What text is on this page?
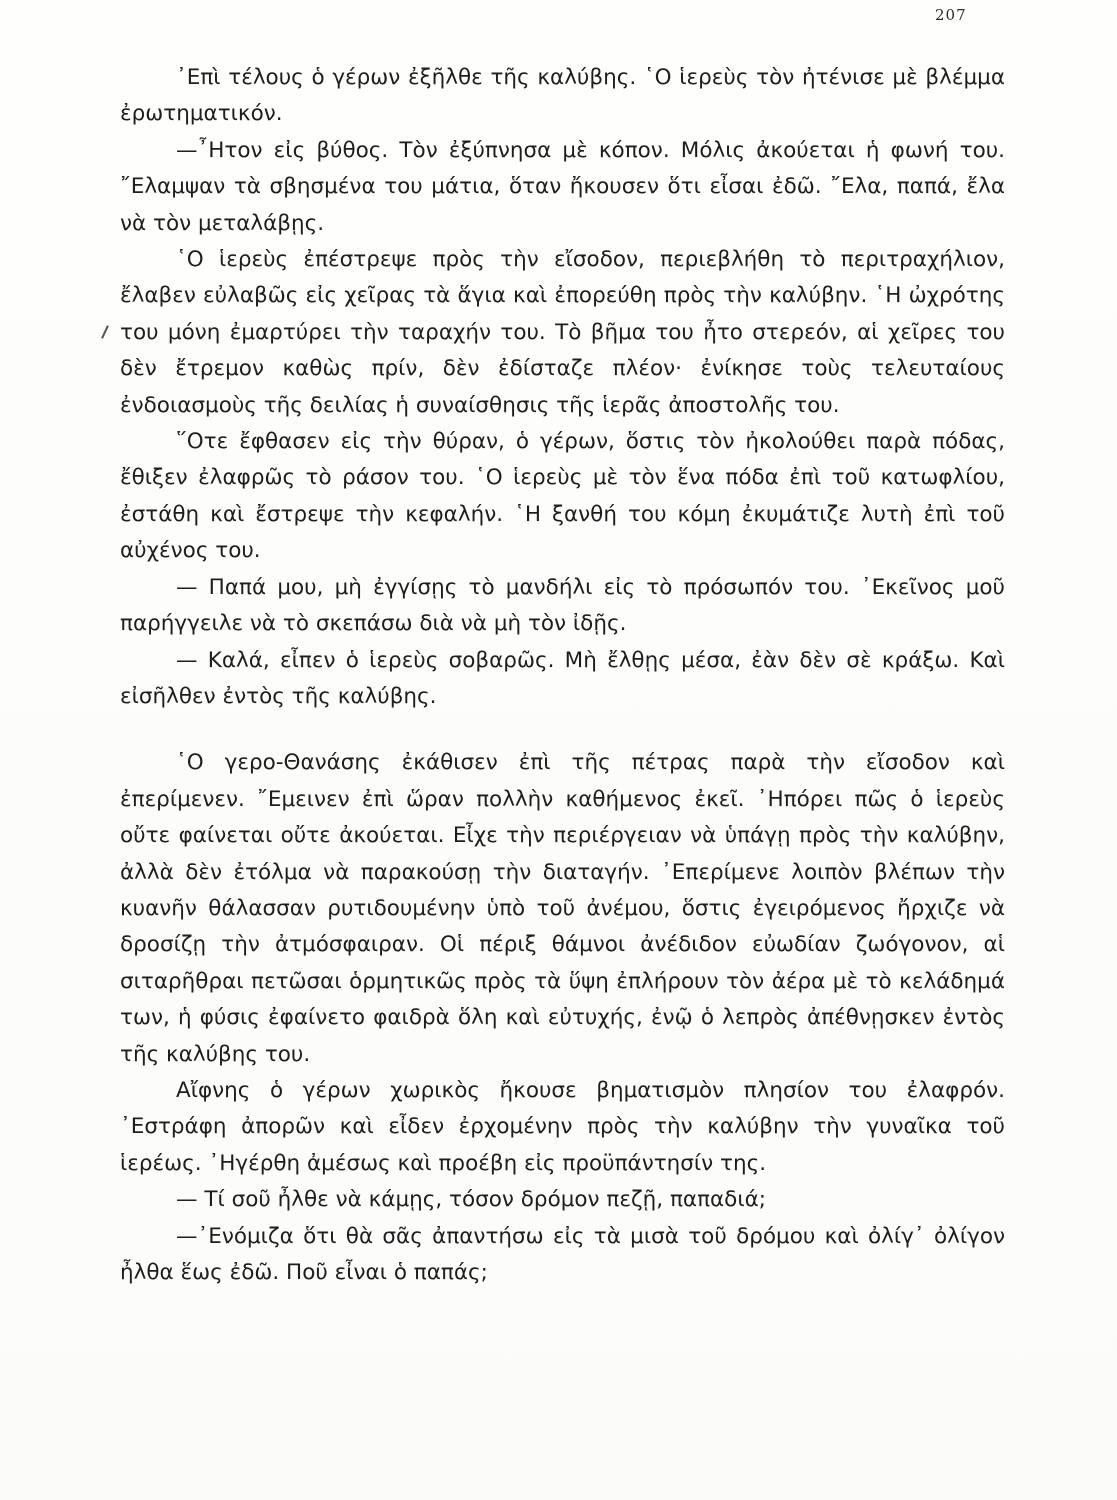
207

᾿Επὶ τέλους ὁ γέρων ἐξῆλθε τῆς καλύβης. ῾Ο ἱερεὺς τὸν ἠτένισε μὲ βλέμμα ἐρωτηματικόν.

—῏Ητον εἰς βύθος. Τὸν ἐξύπνησα μὲ κόπον. Μόλις ἀκούεται ἡ φωνή του. ῎Ελαμψαν τὰ σβησμένα του μάτια, ὅταν ἤκουσεν ὅτι εἶσαι ἐδῶ. ῎Ελα, παπά, ἔλα νὰ τὸν μεταλάβῃς.

῾Ο ἱερεὺς ἐπέστρεψε πρὸς τὴν εἴσοδον, περιεβλήθη τὸ περιτραχήλιον, ἔλαβεν εὐλαβῶς εἰς χεῖρας τὰ ἅγια καὶ ἐπορεύθη πρὸς τὴν καλύβην. ῾Η ὠχρότης του μόνη ἐμαρτύρει τὴν ταραχήν του. Τὸ βῆμα του ἦτο στερεόν, αἱ χεῖρες του δὲν ἔτρεμον καθὼς πρίν, δὲν ἐδίσταζε πλέον· ἐνίκησε τοὺς τελευταίους ἐνδοιασμοὺς τῆς δειλίας ἡ συναίσθησις τῆς ἱερᾶς ἀποστολῆς του.

῞Οτε ἔφθασεν εἰς τὴν θύραν, ὁ γέρων, ὅστις τὸν ἠκολούθει παρὰ πόδας, ἔθιξεν ἐλαφρῶς τὸ ράσον του. ῾Ο ἱερεὺς μὲ τὸν ἕνα πόδα ἐπὶ τοῦ κατωφλίου, ἐστάθη καὶ ἔστρεψε τὴν κεφαλήν. ῾Η ξανθή του κόμη ἐκυμάτιζε λυτὴ ἐπὶ τοῦ αὐχένος του.

— Παπά μου, μὴ ἐγγίσῃς τὸ μανδήλι εἰς τὸ πρόσωπόν του. ᾿Εκεῖνος μοῦ παρήγγειλε νὰ τὸ σκεπάσω διὰ νὰ μὴ τὸν ἰδῇς.

— Καλά, εἶπεν ὁ ἱερεὺς σοβαρῶς. Μὴ ἔλθῃς μέσα, ἐὰν δὲν σὲ κράξω. Καὶ εἰσῆλθεν ἐντὸς τῆς καλύβης.

῾Ο γερο-Θανάσης ἐκάθισεν ἐπὶ τῆς πέτρας παρὰ τὴν εἴσοδον καὶ ἐπερίμενεν. ῎Εμεινεν ἐπὶ ὥραν πολλὴν καθήμενος ἐκεῖ. ᾿Ηπόρει πῶς ὁ ἱερεὺς οὔτε φαίνεται οὔτε ἀκούεται. Εἶχε τὴν περιέργειαν νὰ ὑπάγῃ πρὸς τὴν καλύβην, ἀλλὰ δὲν ἐτόλμα νὰ παρακούσῃ τὴν διαταγήν. ᾿Επερίμενε λοιπὸν βλέπων τὴν κυανῆν θάλασσαν ρυτιδουμένην ὑπὸ τοῦ ἀνέμου, ὅστις ἐγειρόμενος ἤρχιζε νὰ δροσίζῃ τὴν ἀτμόσφαιραν. Οἱ πέριξ θάμνοι ἀνέδιδον εὐωδίαν ζωόγονον, αἱ σιταρῆθραι πετῶσαι ὁρμητικῶς πρὸς τὰ ὕψη ἐπλήρουν τὸν ἀέρα μὲ τὸ κελάδημά των, ἡ φύσις ἐφαίνετο φαιδρὰ ὅλη καὶ εὐτυχής, ἐνῷ ὁ λεπρὸς ἀπέθνῃσκεν ἐντὸς τῆς καλύβης του.

Αἴφνης ὁ γέρων χωρικὸς ἤκουσε βηματισμὸν πλησίον του ἐλαφρόν. ᾿Εστράφη ἀπορῶν καὶ εἶδεν ἐρχομένην πρὸς τὴν καλύβην τὴν γυναῖκα τοῦ ἱερέως. ᾿Ηγέρθη ἀμέσως καὶ προέβη εἰς προϋπάντησίν της.

— Τί σοῦ ἦλθε νὰ κάμῃς, τόσον δρόμον πεζῇ, παπαδιά;

—᾿Ενόμιζα ὅτι θὰ σᾶς ἀπαντήσω εἰς τὰ μισὰ τοῦ δρόμου καὶ ὀλίγ᾿ ὀλίγον ἦλθα ἕως ἐδῶ. Ποῦ εἶναι ὁ παπάς;
